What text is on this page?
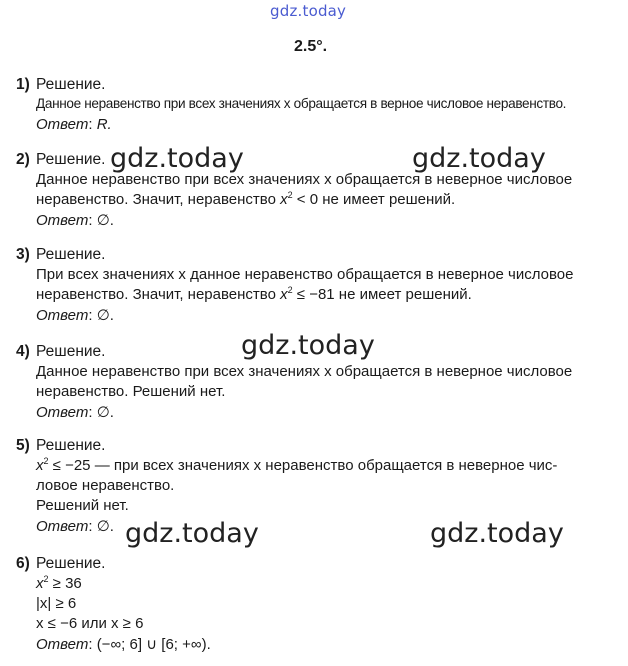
gdz.today
gdz.today	gdz.today
gdz.today
gdz.today	gdz.today
2.5°.
1) Решение.
Данное неравенство при всех значениях x обращается в верное числовое неравенство.
Ответ: R.
2) Решение.
Данное неравенство при всех значениях x обращается в неверное числовое
неравенство. Значит, неравенство $x^2 < 0$ не имеет решений.
Ответ: ∅.
3) Решение.
При всех значениях x данное неравенство обращается в неверное числовое
неравенство. Значит, неравенство $x^2 \le -81$ не имеет решений.
Ответ: ∅.
4) Решение.
Данное неравенство при всех значениях x обращается в неверное числовое
неравенство. Решений нет.
Ответ: ∅.
5) Решение.
$x^2 \le -25$ — при всех значениях x неравенство обращается в неверное чис-
ловое неравенство.
Решений нет.
Ответ: ∅.
6) Решение.
$x^2 \ge 36$
|x| ≥ 6
x ≤ −6 или x ≥ 6
Ответ: (−∞; 6] ∪ [6; +∞).
